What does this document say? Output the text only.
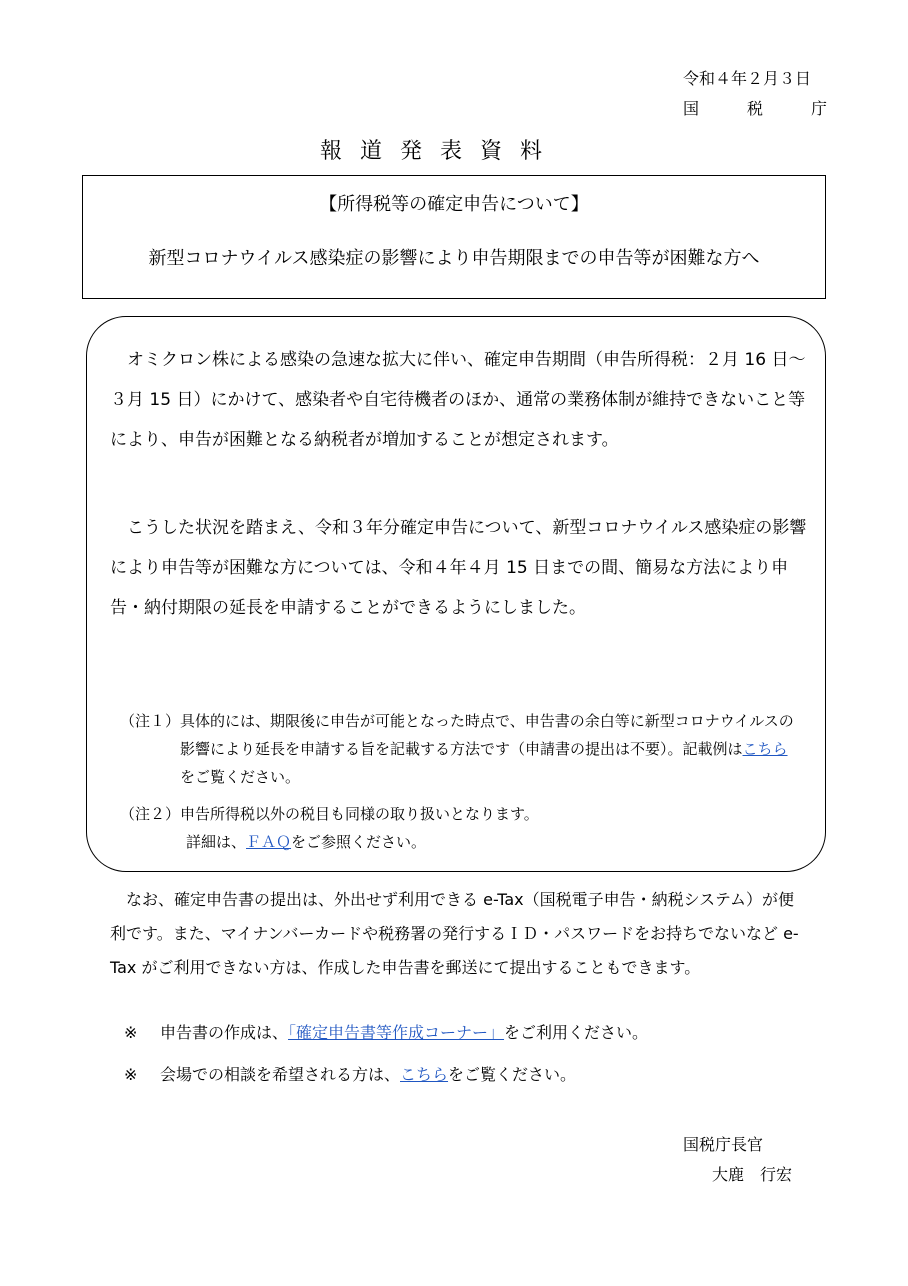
令和４年２月３日
国	税	庁
報道発表資料
【所得税等の確定申告について】
新型コロナウイルス感染症の影響により申告期限までの申告等が困難な方へ
　オミクロン株による感染の急速な拡大に伴い、確定申告期間（申告所得税：２月 16 日～３月 15 日）にかけて、感染者や自宅待機者のほか、通常の業務体制が維持できないこと等により、申告が困難となる納税者が増加することが想定されます。
　こうした状況を踏まえ、令和３年分確定申告について、新型コロナウイルス感染症の影響により申告等が困難な方については、令和４年４月 15 日までの間、簡易な方法により申告・納付期限の延長を申請することができるようにしました。
（注１） 具体的には、期限後に申告が可能となった時点で、申告書の余白等に新型コロナウイルスの影響により延長を申請する旨を記載する方法です（申請書の提出は不要）。記載例はこちらをご覧ください。
（注２） 申告所得税以外の税目も同様の取り扱いとなります。
詳細は、ＦＡＱをご参照ください。
　なお、確定申告書の提出は、外出せず利用できる e-Tax（国税電子申告・納税システム）が便利です。また、マイナンバーカードや税務署の発行するＩＤ・パスワードをお持ちでないなど e-Tax がご利用できない方は、作成した申告書を郵送にて提出することもできます。
※ 申告書の作成は、「確定申告書等作成コーナー」をご利用ください。
※ 会場での相談を希望される方は、こちらをご覧ください。
国税庁長官
大鹿　行宏
